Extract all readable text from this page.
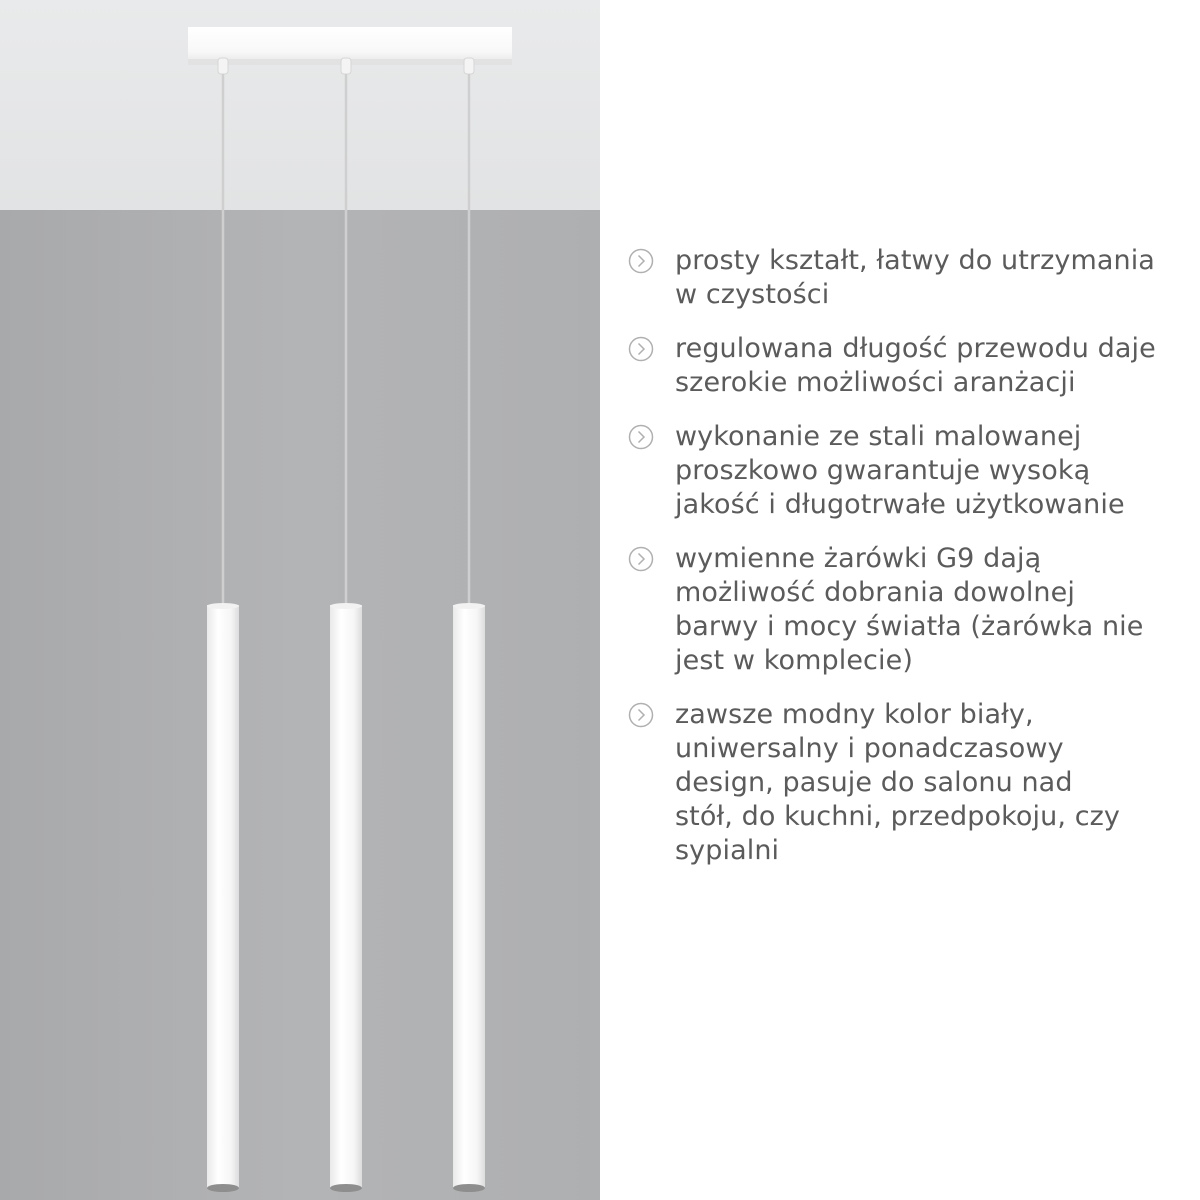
prosty kształt, łatwy do utrzymania
w czystości
regulowana długość przewodu daje
szerokie możliwości aranżacji
wykonanie ze stali malowanej
proszkowo gwarantuje wysoką
jakość i długotrwałe użytkowanie
wymienne żarówki G9 dają
możliwość dobrania dowolnej
barwy i mocy światła (żarówka nie
jest w komplecie)
zawsze modny kolor biały,
uniwersalny i ponadczasowy
design, pasuje do salonu nad
stół, do kuchni, przedpokoju, czy
sypialni
